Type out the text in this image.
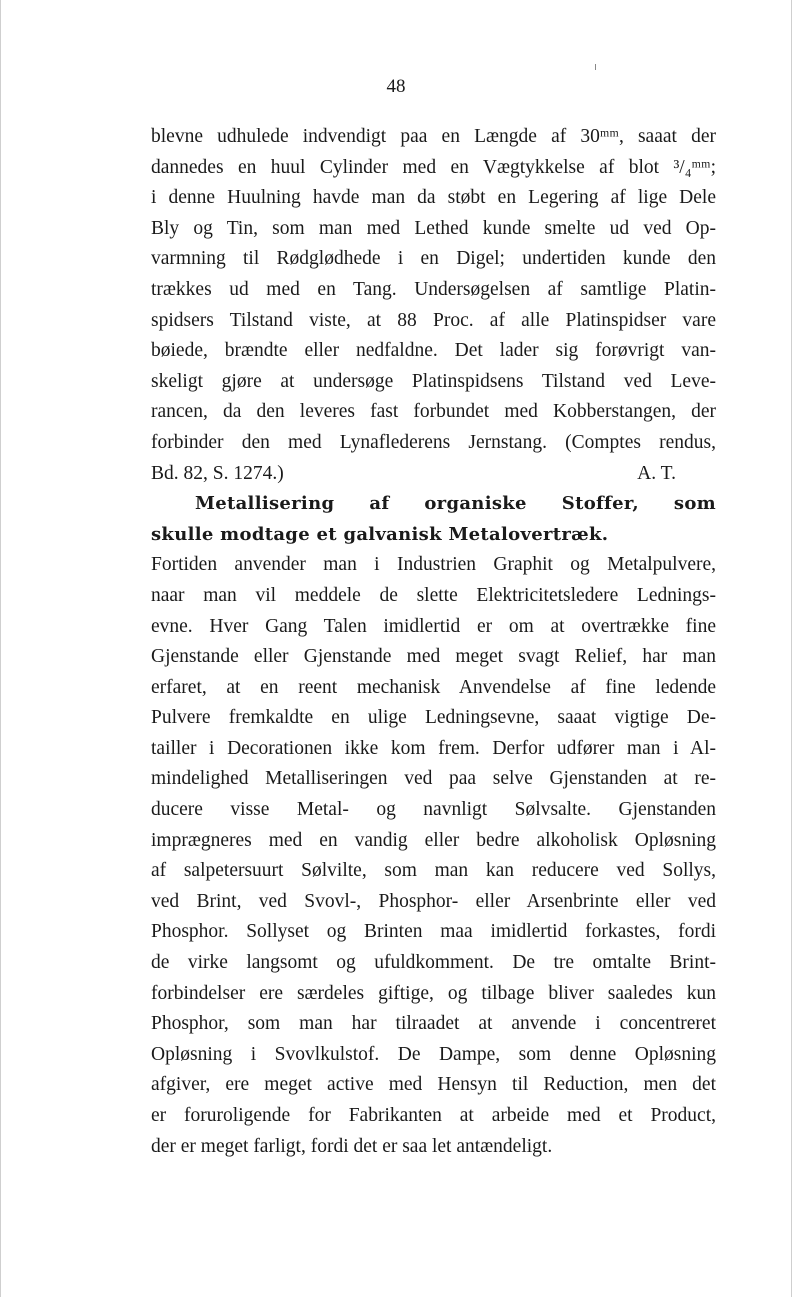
48
blevne udhulede indvendigt paa en Længde af 30ᵐᵐ, saaat der
dannedes en huul Cylinder med en Vægtykkelse af blot ³/₄ᵐᵐ;
i denne Huulning havde man da støbt en Legering af lige Dele
Bly og Tin, som man med Lethed kunde smelte ud ved Op-
varmning til Rødglødhede i en Digel; undertiden kunde den
trækkes ud med en Tang. Undersøgelsen af samtlige Platin-
spidsers Tilstand viste, at 88 Proc. af alle Platinspidser vare
bøiede, brændte eller nedfaldne. Det lader sig forøvrigt van-
skeligt gjøre at undersøge Platinspidsens Tilstand ved Leve-
rancen, da den leveres fast forbundet med Kobberstangen, der
forbinder den med Lynaflederens Jernstang. (Comptes rendus,
Bd. 82, S. 1274.)	A. T.
Metallisering af organiske Stoffer, som
skulle modtage et galvanisk Metalovertræk.
Fortiden anvender man i Industrien Graphit og Metalpulvere,
naar man vil meddele de slette Elektricitetsledere Lednings-
evne. Hver Gang Talen imidlertid er om at overtrække fine
Gjenstande eller Gjenstande med meget svagt Relief, har man
erfaret, at en reent mechanisk Anvendelse af fine ledende
Pulvere fremkaldte en ulige Ledningsevne, saaat vigtige De-
tailler i Decorationen ikke kom frem. Derfor udfører man i Al-
mindelighed Metalliseringen ved paa selve Gjenstanden at re-
ducere visse Metal- og navnligt Sølvsalte. Gjenstanden
imprægneres med en vandig eller bedre alkoholisk Opløsning
af salpetersuurt Sølvilte, som man kan reducere ved Sollys,
ved Brint, ved Svovl-, Phosphor- eller Arsenbrinte eller ved
Phosphor. Sollyset og Brinten maa imidlertid forkastes, fordi
de virke langsomt og ufuldkomment. De tre omtalte Brint-
forbindelser ere særdeles giftige, og tilbage bliver saaledes kun
Phosphor, som man har tilraadet at anvende i concentreret
Opløsning i Svovlkulstof. De Dampe, som denne Opløsning
afgiver, ere meget active med Hensyn til Reduction, men det
er forurоligende for Fabrikanten at arbeide med et Product,
der er meget farligt, fordi det er saa let antændeligt.
